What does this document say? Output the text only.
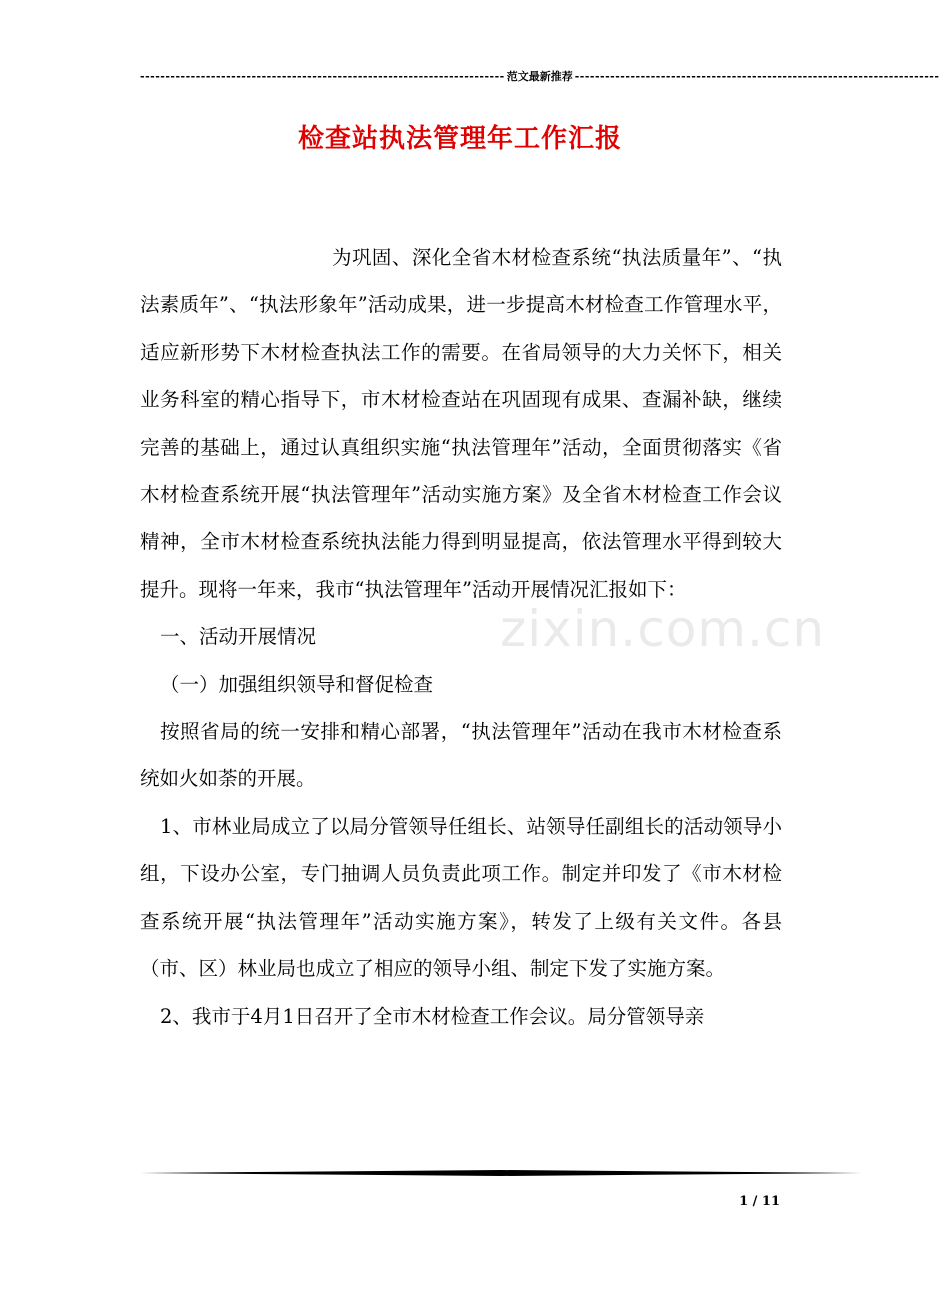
------------------------------------------------------------------------ 范文最新推荐 ------------------------------------------------------------------------
检查站执法管理年工作汇报
zixin.com.cn

为巩固、深化全省木材检查系统“执法质量年”、“执法素质年”、“执法形象年”活动成果，进一步提高木材检查工作管理水平，适应新形势下木材检查执法工作的需要。在省局领导的大力关怀下，相关业务科室的精心指导下，市木材检查站在巩固现有成果、查漏补缺，继续完善的基础上，通过认真组织实施“执法管理年”活动，全面贯彻落实《省木材检查系统开展“执法管理年”活动实施方案》及全省木材检查工作会议精神，全市木材检查系统执法能力得到明显提高，依法管理水平得到较大提升。现将一年来，我市“执法管理年”活动开展情况汇报如下：

一、活动开展情况

（一）加强组织领导和督促检查

按照省局的统一安排和精心部署，“执法管理年”活动在我市木材检查系统如火如荼的开展。

1、市林业局成立了以局分管领导任组长、站领导任副组长的活动领导小组，下设办公室，专门抽调人员负责此项工作。制定并印发了《市木材检查系统开展“执法管理年”活动实施方案》，转发了上级有关文件。各县（市、区）林业局也成立了相应的领导小组、制定下发了实施方案。

2、我市于4月1日召开了全市木材检查工作会议。局分管领导亲

1 / 11
